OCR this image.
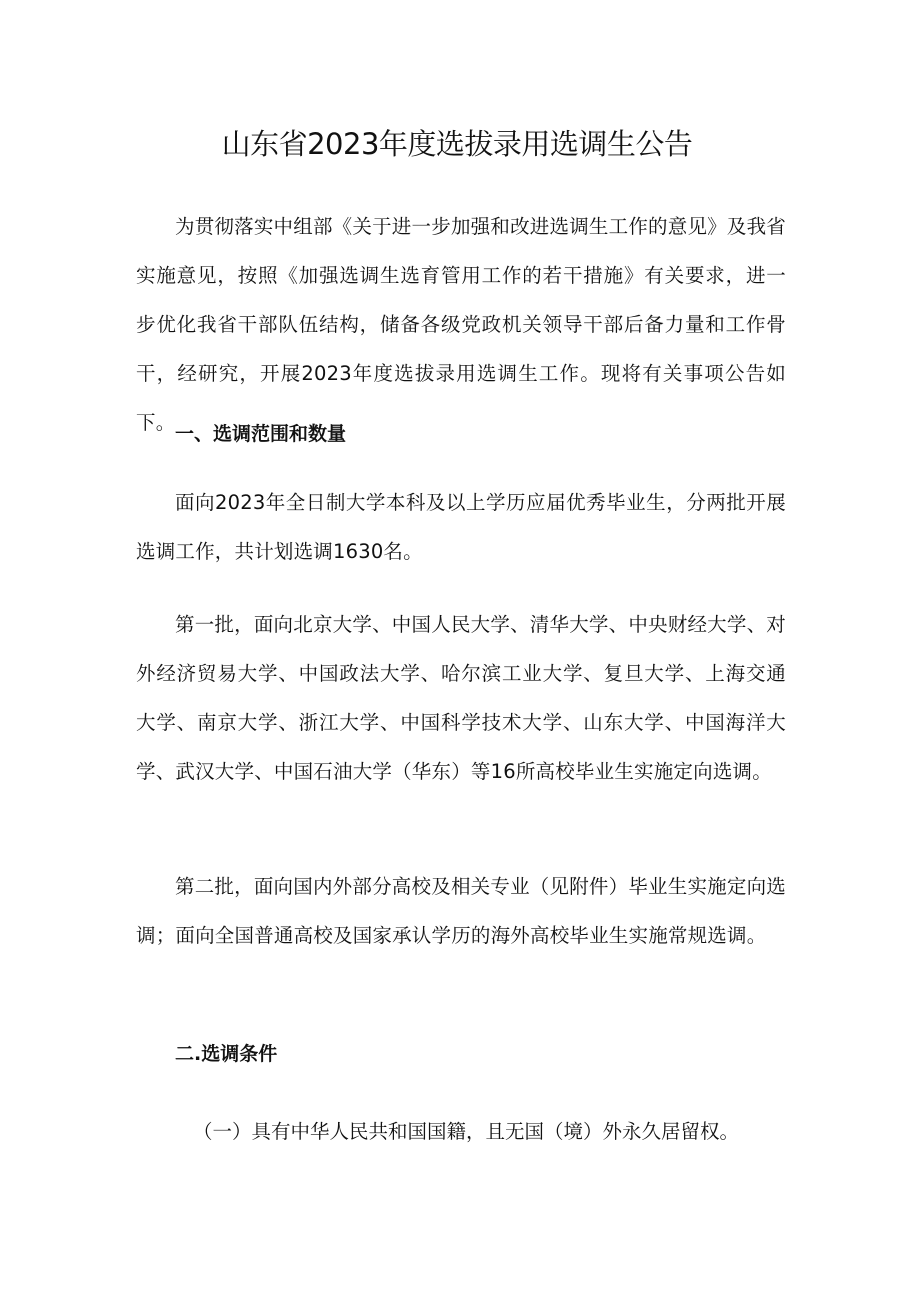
山东省2023年度选拔录用选调生公告

为贯彻落实中组部《关于进一步加强和改进选调生工作的意见》及我省实施意见，按照《加强选调生选育管用工作的若干措施》有关要求，进一步优化我省干部队伍结构，储备各级党政机关领导干部后备力量和工作骨干，经研究，开展2023年度选拔录用选调生工作。现将有关事项公告如下。 一、选调范围和数量

面向2023年全日制大学本科及以上学历应届优秀毕业生，分两批开展选调工作，共计划选调1630名。

第一批，面向北京大学、中国人民大学、清华大学、中央财经大学、对外经济贸易大学、中国政法大学、哈尔滨工业大学、复旦大学、上海交通大学、南京大学、浙江大学、中国科学技术大学、山东大学、中国海洋大学、武汉大学、中国石油大学（华东）等16所高校毕业生实施定向选调。

第二批，面向国内外部分高校及相关专业（见附件）毕业生实施定向选调；面向全国普通高校及国家承认学历的海外高校毕业生实施常规选调。

二.选调条件

（一）具有中华人民共和国国籍，且无国（境）外永久居留权。
